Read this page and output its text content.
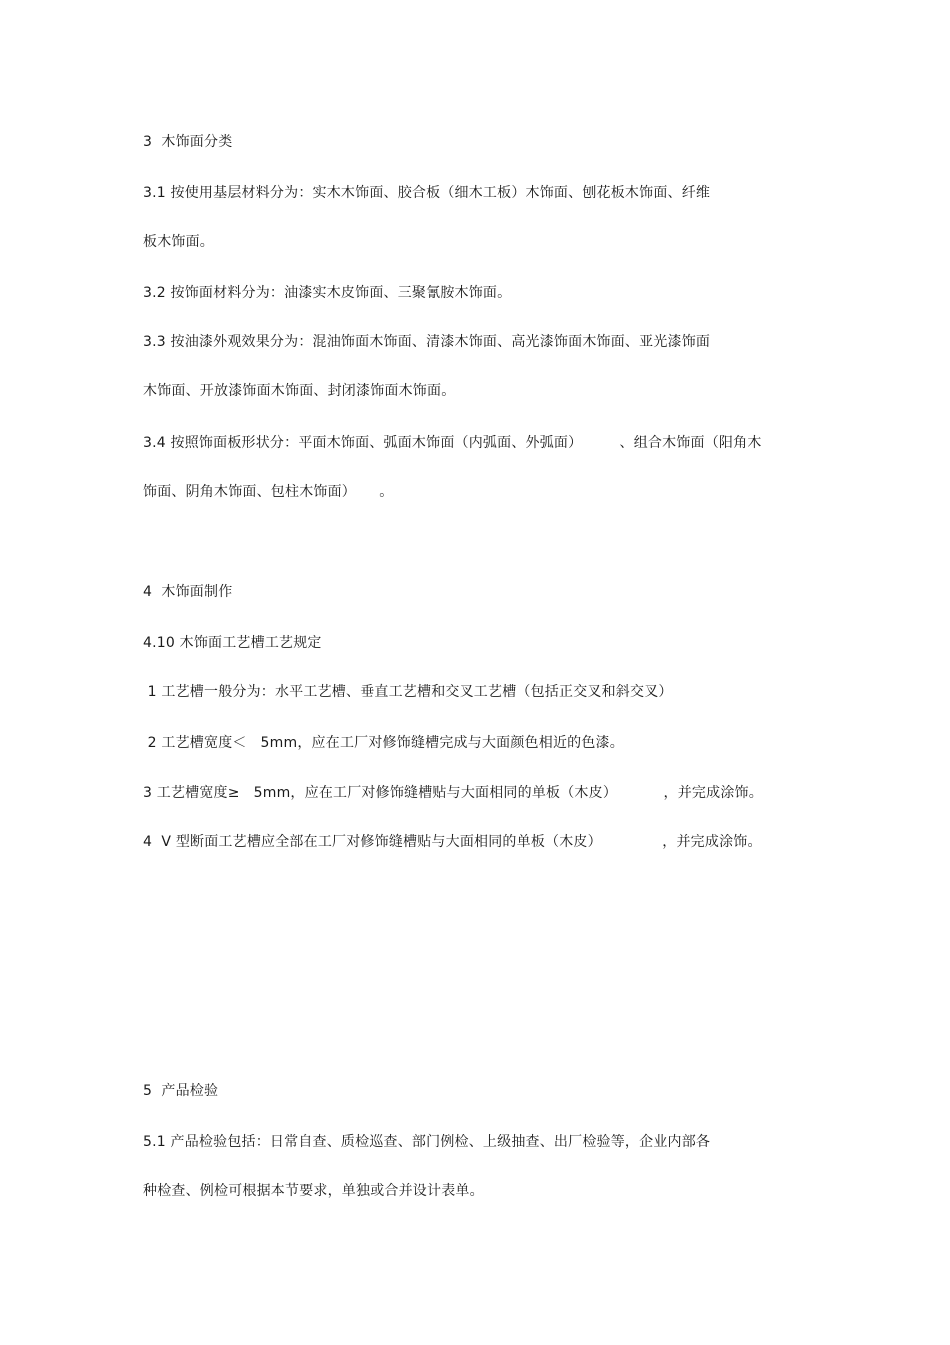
3  木饰面分类
3.1 按使用基层材料分为：实木木饰面、胶合板（细木工板）木饰面、刨花板木饰面、纤维
板木饰面。
3.2 按饰面材料分为：油漆实木皮饰面、三聚氰胺木饰面。
3.3 按油漆外观效果分为：混油饰面木饰面、清漆木饰面、高光漆饰面木饰面、亚光漆饰面
木饰面、开放漆饰面木饰面、封闭漆饰面木饰面。
3.4 按照饰面板形状分：平面木饰面、弧面木饰面（内弧面、外弧面）        、组合木饰面（阳角木
饰面、阴角木饰面、包柱木饰面）     。
4  木饰面制作
4.10 木饰面工艺槽工艺规定
1 工艺槽一般分为：水平工艺槽、垂直工艺槽和交叉工艺槽（包括正交叉和斜交叉）
2 工艺槽宽度＜   5mm，应在工厂对修饰缝槽完成与大面颜色相近的色漆。
3 工艺槽宽度≥   5mm，应在工厂对修饰缝槽贴与大面相同的单板（木皮）          ，并完成涂饰。
4  V 型断面工艺槽应全部在工厂对修饰缝槽贴与大面相同的单板（木皮）             ，并完成涂饰。
5  产品检验
5.1 产品检验包括：日常自查、质检巡查、部门例检、上级抽查、出厂检验等，企业内部各
种检查、例检可根据本节要求，单独或合并设计表单。
